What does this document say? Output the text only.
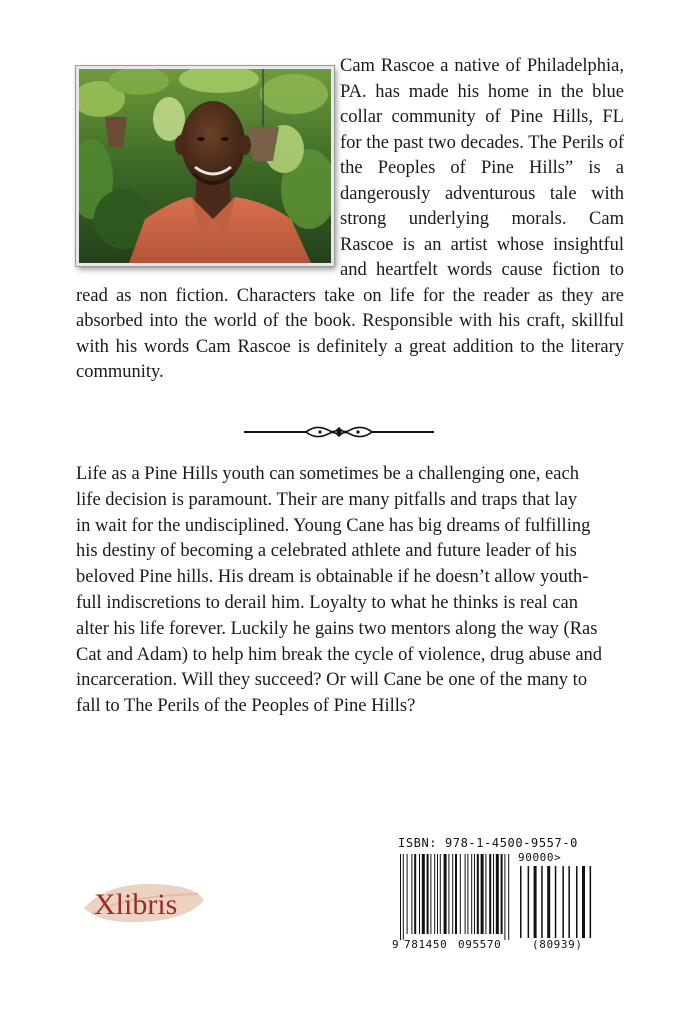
Cam Rascoe a native of Philadelphia, PA. has made his home in the blue collar community of Pine Hills, FL for the past two decades. The Perils of the Peoples of Pine Hills” is a dangerously adventurous tale with strong underlying morals. Cam Rascoe is an artist whose insightful and heartfelt words cause fiction to read as non fiction. Characters take on life for the reader as they are absorbed into the world of the book. Responsible with his craft, skillful with his words Cam Rascoe is definitely a great addition to the literary community.

Life as a Pine Hills youth can sometimes be a challenging one, each
life decision is paramount. Their are many pitfalls and traps that lay
in wait for the undisciplined. Young Cane has big dreams of fulfilling
his destiny of becoming a celebrated athlete and future leader of his
beloved Pine hills. His dream is obtainable if he doesn’t allow youth-
full indiscretions to derail him. Loyalty to what he thinks is real can
alter his life forever. Luckily he gains two mentors along the way (Ras
Cat and Adam) to help him break the cycle of violence, drug abuse and
incarceration. Will they succeed? Or will Cane be one of the many to
fall to The Perils of the Peoples of Pine Hills?

Xlibris
ISBN: 978-1-4500-9557-0
90000>
9 781450 095570	(80939)
